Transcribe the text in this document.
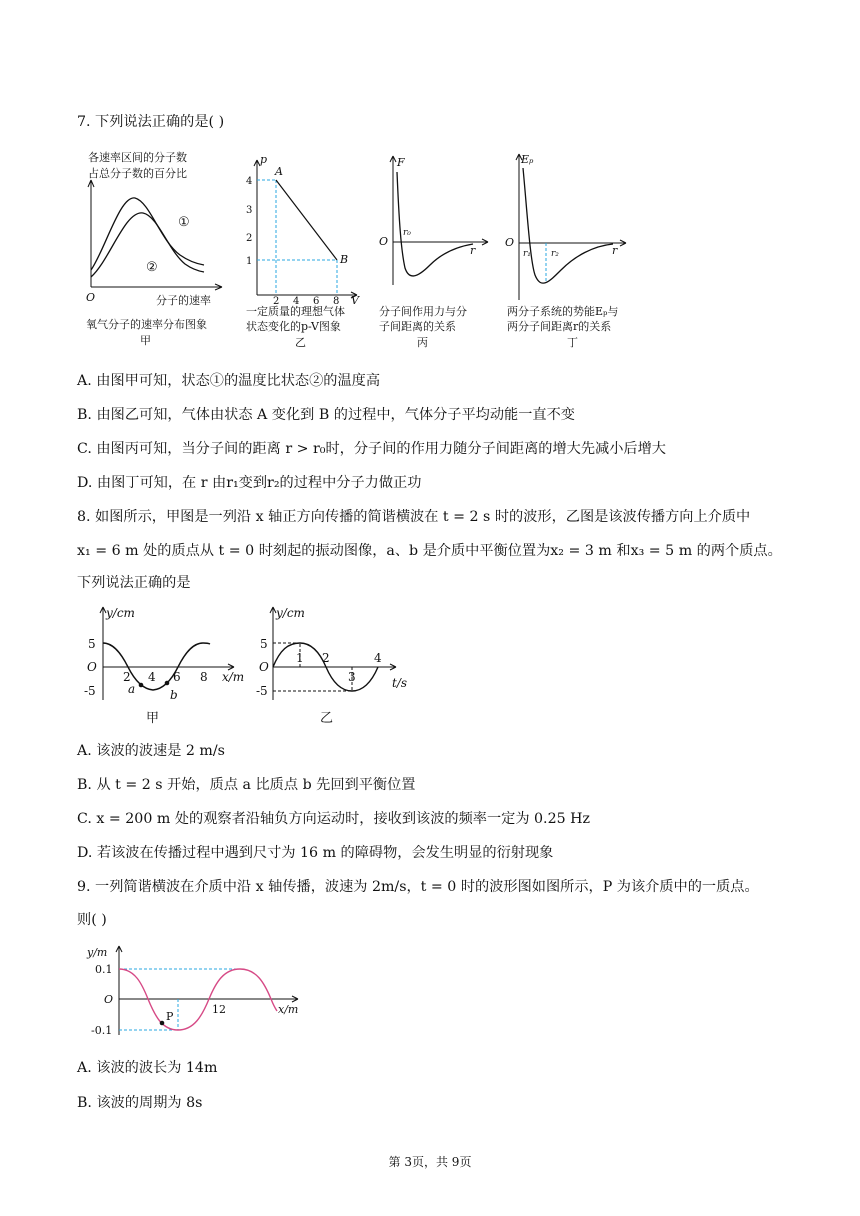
7. 下列说法正确的是( )
各速率区间的分子数
占总分子数的百分比
①
②
O	分子的速率
氧气分子的速率分布图象
甲
p
4
3
2
1
A
B
2 4 6 8 V
一定质量的理想气体
状态变化的p-V图象
乙
F
O
r₀
r
分子间作用力与分
子间距离的关系
丙
Eₚ
O
r₁ r₂	r
两分子系统的势能Eₚ与
两分子间距离r的关系
丁
A. 由图甲可知，状态①的温度比状态②的温度高
B. 由图乙可知，气体由状态 A 变化到 B 的过程中，气体分子平均动能一直不变
C. 由图丙可知，当分子间的距离 r > r₀时，分子间的作用力随分子间距离的增大先减小后增大
D. 由图丁可知，在 r 由r₁变到r₂的过程中分子力做正功
8. 如图所示，甲图是一列沿 x 轴正方向传播的简谐横波在 t = 2 s 时的波形，乙图是该波传播方向上介质中
x₁ = 6 m 处的质点从 t = 0 时刻起的振动图像，a、b 是介质中平衡位置为x₂ = 3 m 和x₃ = 5 m 的两个质点。
下列说法正确的是
y/cm
5
O
-5
2 4 6 8 x/m
a	b
甲
y/cm
5
O
-5
1 2
3
4
t/s
乙
A. 该波的波速是 2 m/s
B. 从 t = 2 s 开始，质点 a 比质点 b 先回到平衡位置
C. x = 200 m 处的观察者沿轴负方向运动时，接收到该波的频率一定为 0.25 Hz
D. 若该波在传播过程中遇到尺寸为 16 m 的障碍物，会发生明显的衍射现象
9. 一列简谐横波在介质中沿 x 轴传播，波速为 2m/s，t = 0 时的波形图如图所示，P 为该介质中的一质点。
则( )
y/m
0.1
O
-0.1
12	x/m
P
A. 该波的波长为 14m
B. 该波的周期为 8s
第 3页，共 9页
